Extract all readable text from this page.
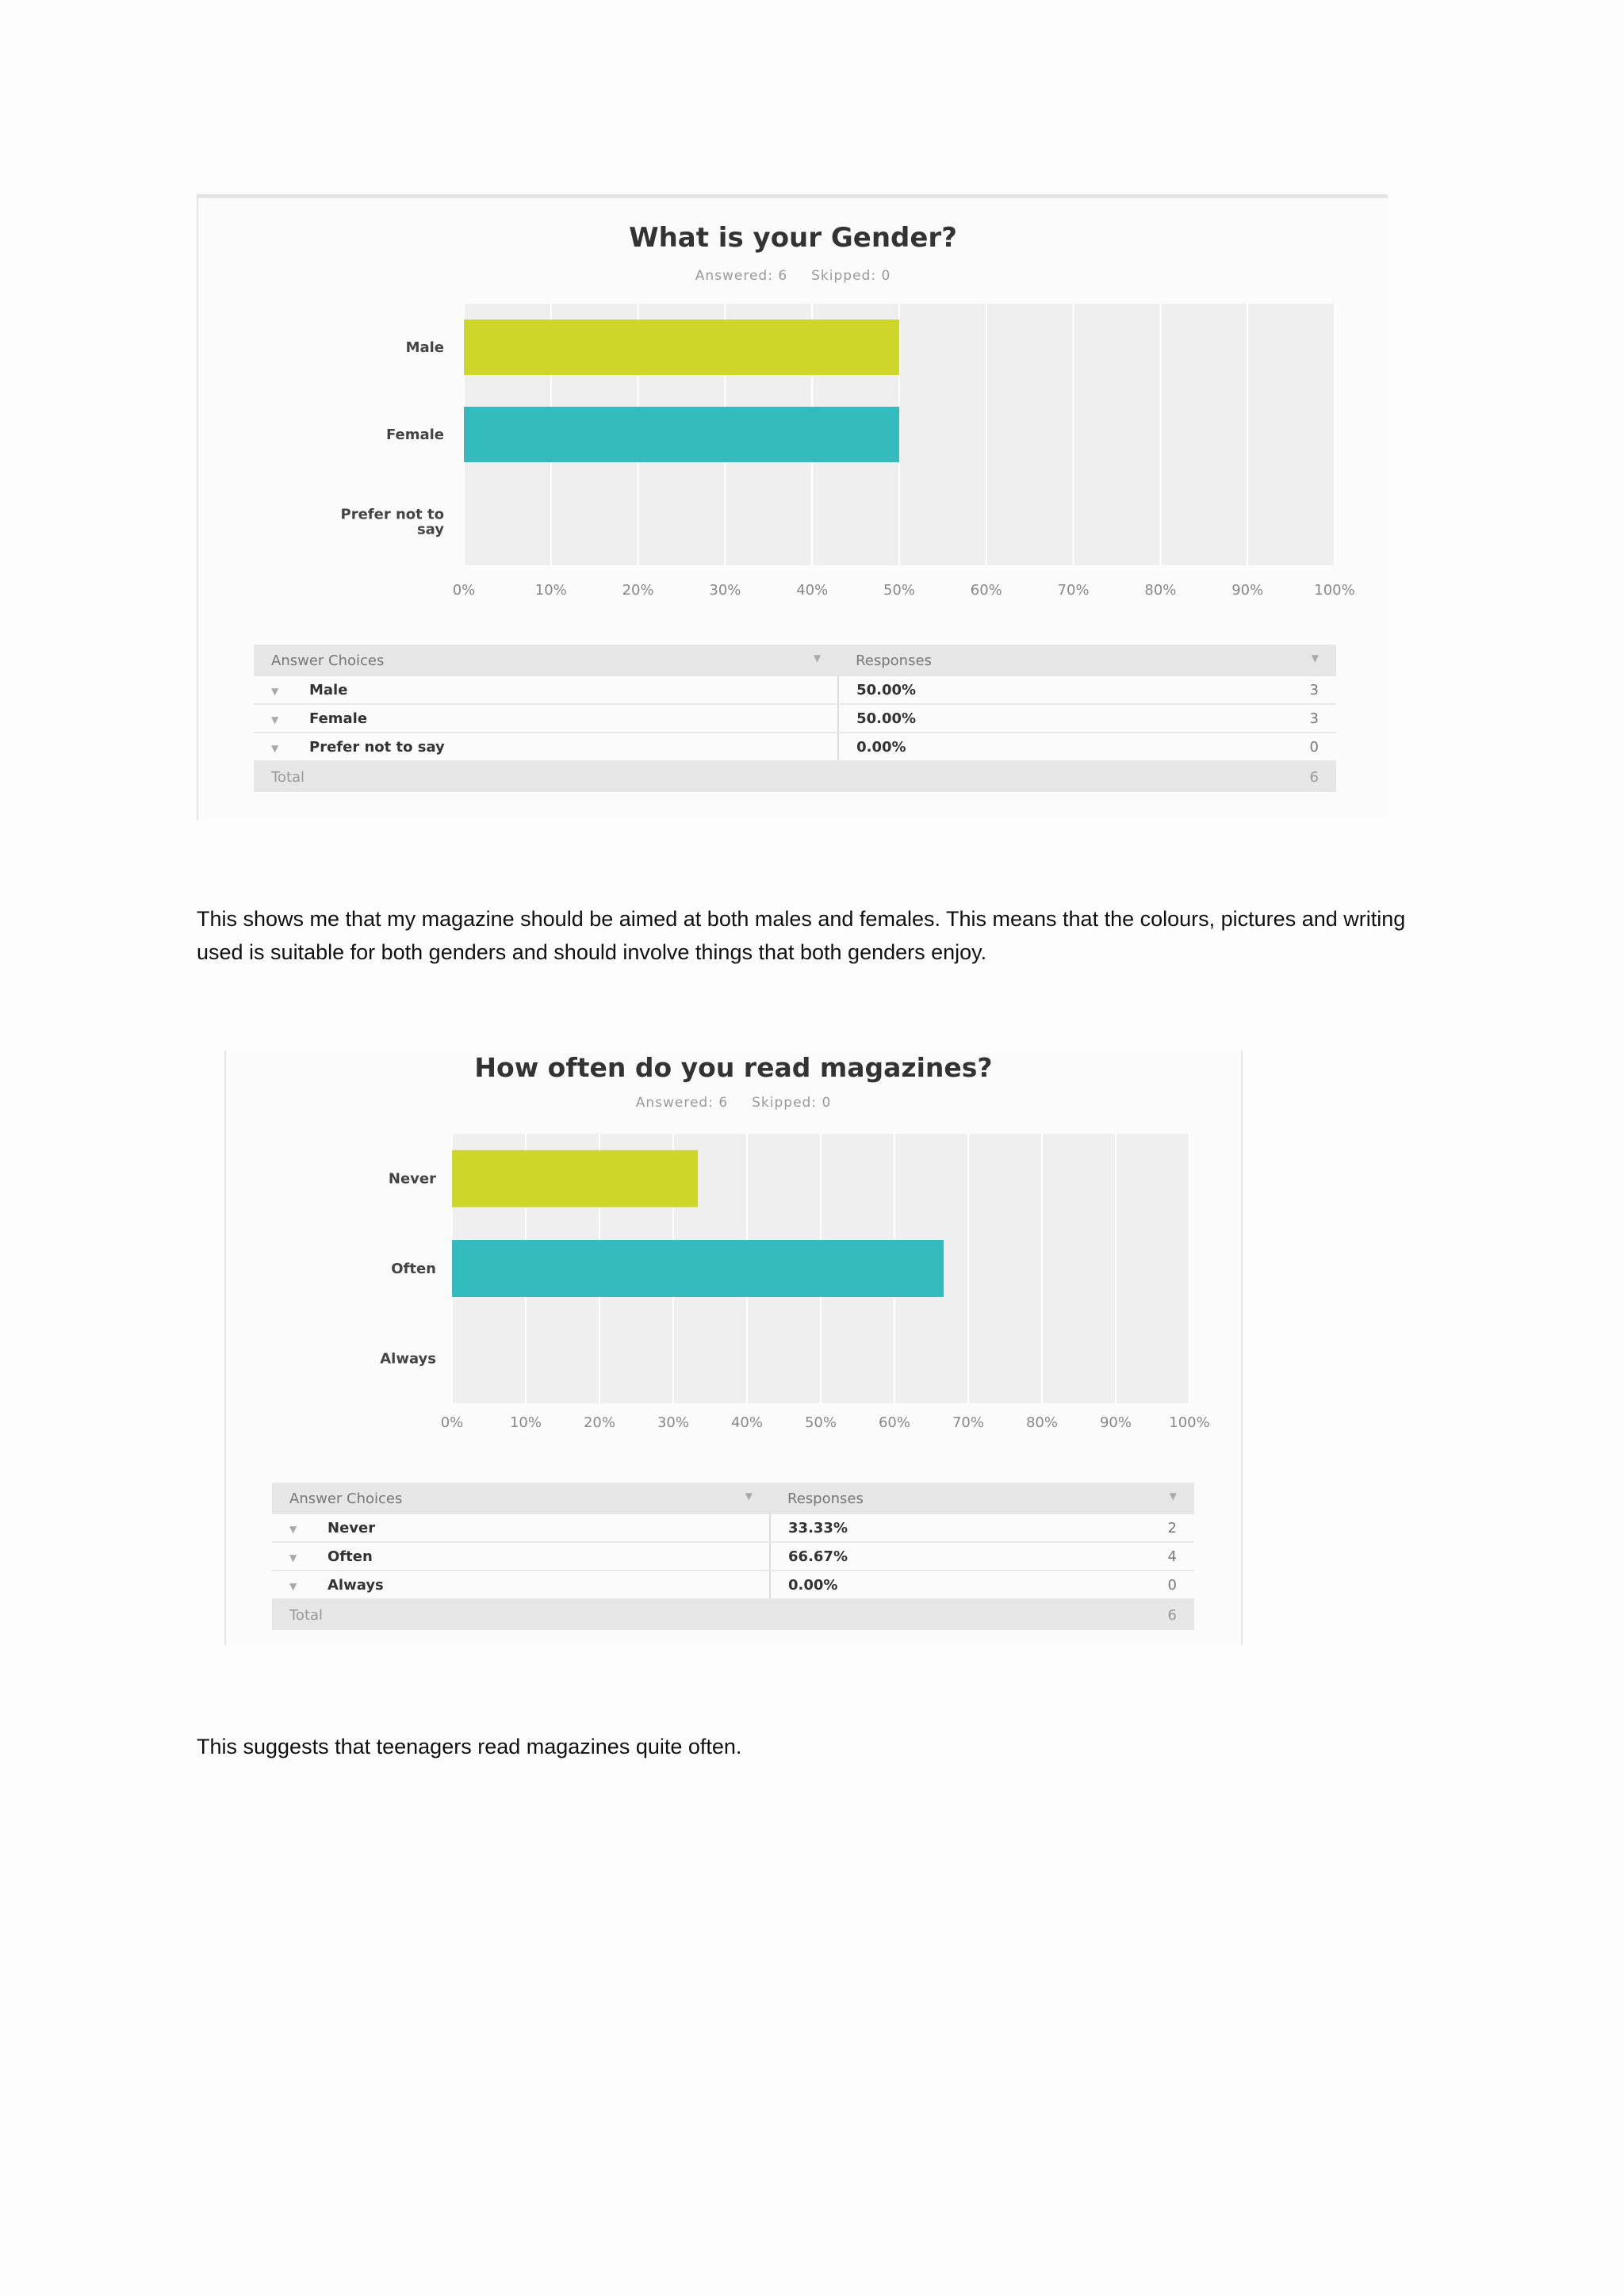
What is your Gender?
Answered: 6 Skipped: 0
0%	10%	20%	30%	40%	50%	60%	70%	80%	90%	100%
Male
Female
Prefer not to
say
Answer Choices ▼	Responses ▼	

▼ Male	50.00%	3
▼ Female	50.00%	3
▼ Prefer not to say	0.00%	0
Total		6
This shows me that my magazine should be aimed at both males and females. This means that the colours, pictures and writing used is suitable for both genders and should involve things that both genders enjoy.
How often do you read magazines?
Answered: 6 Skipped: 0
0%	10%	20%	30%	40%	50%	60%	70%	80%	90%	100%
Never
Often
Always
Answer Choices ▼	Responses ▼	

▼ Never	33.33%	2
▼ Often	66.67%	4
▼ Always	0.00%	0
Total		6
This suggests that teenagers read magazines quite often.
